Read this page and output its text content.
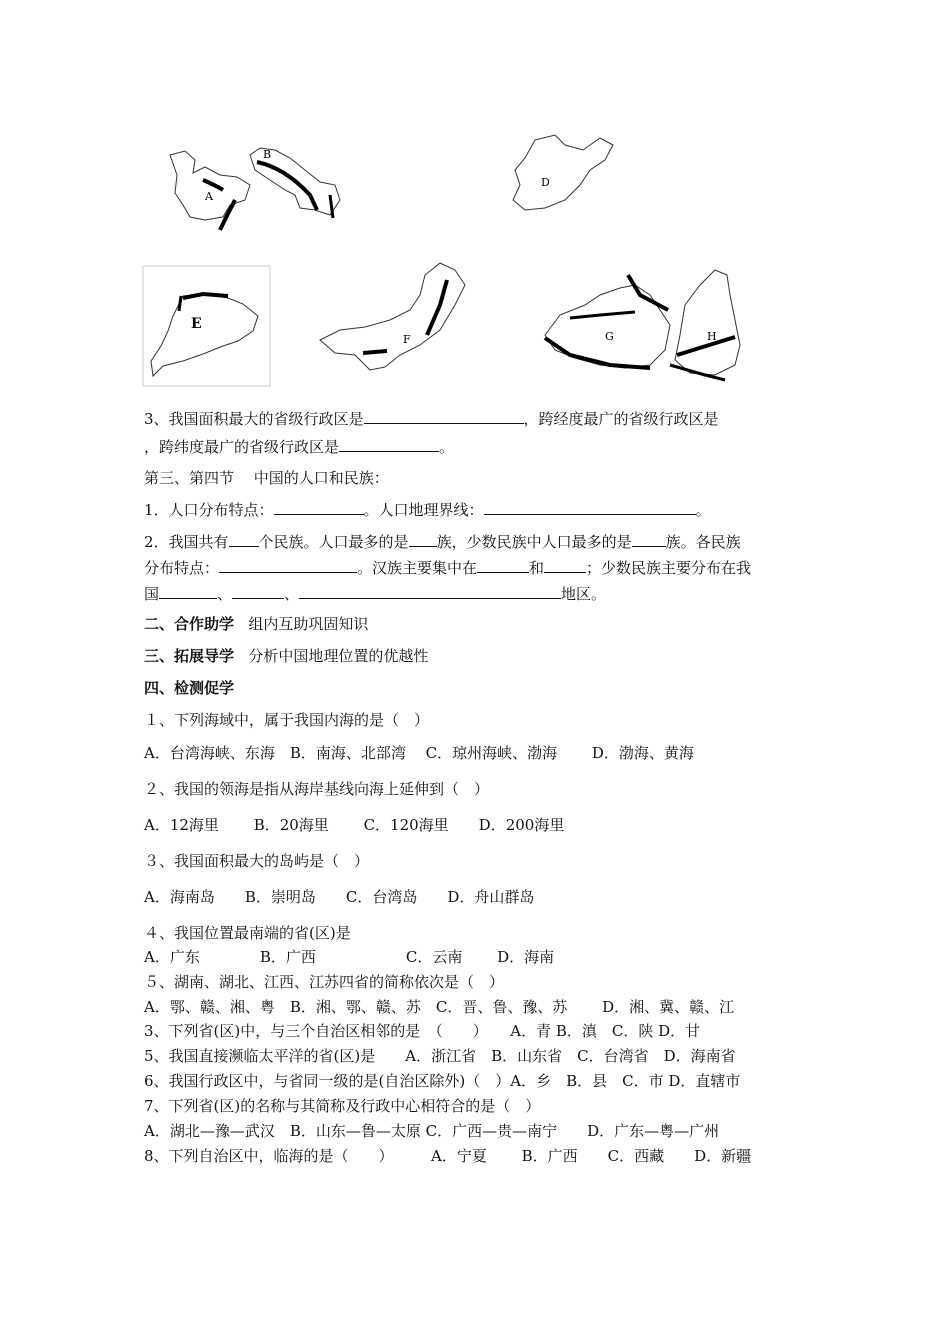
A
B
D
E
F	G	H
3、我国面积最大的省级行政区是	，跨经度最广的省级行政区是
，跨纬度最广的省级行政区是	。
第三、第四节　 中国的人口和民族：
1．人口分布特点：	。人口地理界线：	。
2．我国共有 个民族。人口最多的是 族，少数民族中人口最多的是 族。各民族
分布特点：	。汉族主要集中在	和	；少数民族主要分布在我
国	、	、	地区。
二、合作助学 组内互助巩固知识
三、拓展导学 分析中国地理位置的优越性
四、检测促学
１、下列海域中，属于我国内海的是（　）
A．台湾海峡、东海　B．南海、北部湾　 C．琼州海峡、渤海　　 D．渤海、黄海
２、我国的领海是指从海岸基线向海上延伸到（　）
A．12海里　　 B．20海里　　 C．120海里　　D．200海里
３、我国面积最大的岛屿是（　）
A．海南岛　　B．崇明岛　　C．台湾岛　　D．舟山群岛
４、我国位置最南端的省(区)是
A．广东　　　　B．广西　　　　　　C．云南　　 D．海南
５、湖南、湖北、江西、江苏四省的简称依次是（　）
A．鄂、赣、湘、粤　B．湘、鄂、赣、苏　C．晋、鲁、豫、苏　　 D．湘、冀、赣、江
3、下列省(区)中，与三个自治区相邻的是　（　　）　　A．青 B．滇　C．陕 D．甘
5、我国直接濒临太平洋的省(区)是　　A．浙江省　B．山东省　C．台湾省　D．海南省
6、我国行政区中，与省同一级的是(自治区除外)（　）A．乡　B．县　C．市 D．直辖市
7、下列省(区)的名称与其简称及行政中心相符合的是（　）
A．湖北—豫—武汉　B．山东—鲁—太原 C．广西—贵—南宁　　D．广东—粤—广州
8、下列自治区中，临海的是（　　）　　　A．宁夏　　 B．广西　　C．西藏　　D．新疆
